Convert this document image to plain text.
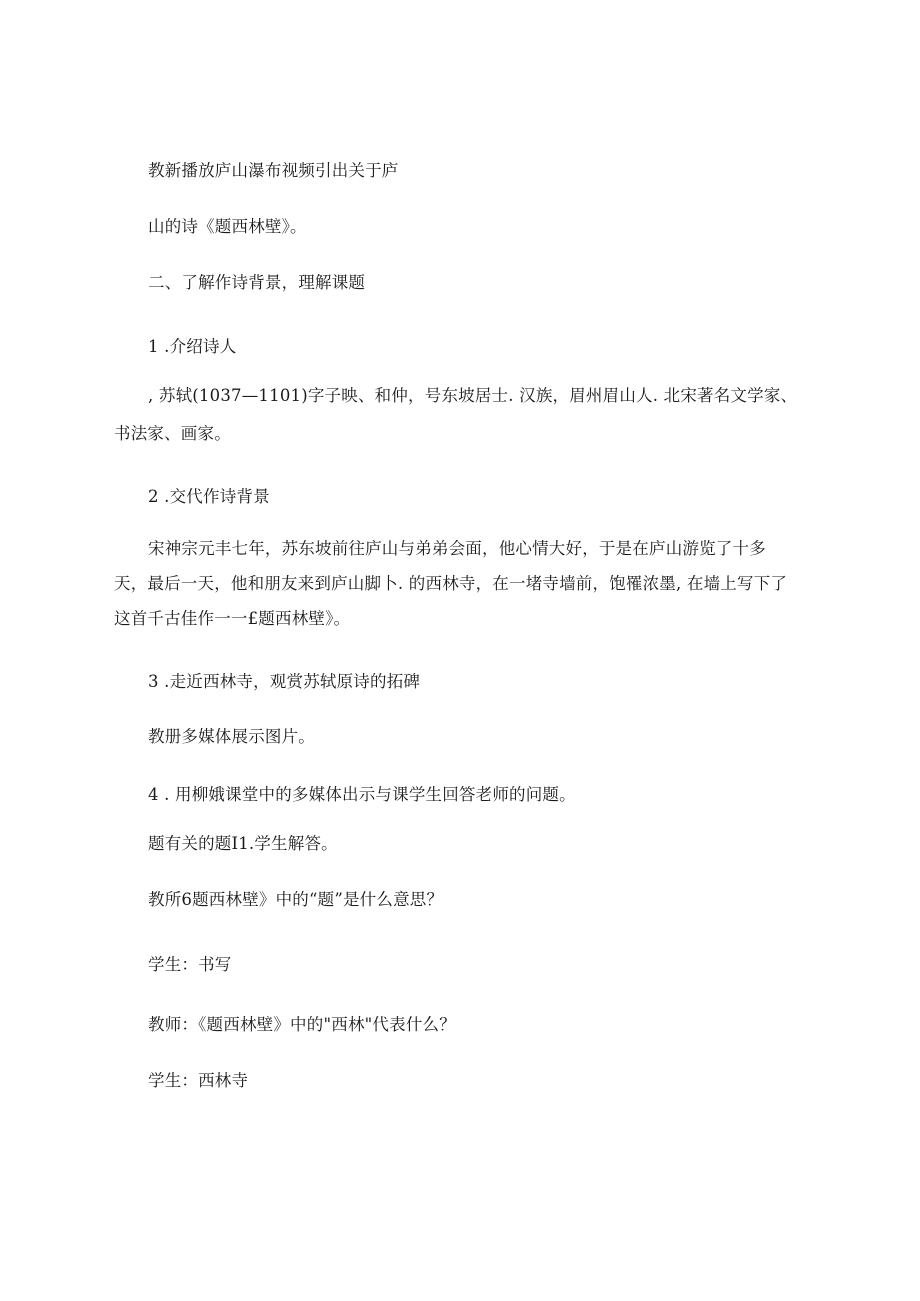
教新播放庐山瀑布视频引出关于庐
山的诗《题西林壁》。
二、了解作诗背景，理解课题
1 .介绍诗人
, 苏轼(1037—1101)字子映、和仲，号东坡居士. 汉族，眉州眉山人. 北宋著名文学家、
书法家、画家。
2 .交代作诗背景
宋神宗元丰七年，苏东坡前往庐山与弟弟会面，他心情大好，于是在庐山游览了十多
天，最后一天，他和朋友来到庐山脚卜. 的西林寺，在一堵寺墙前，饱罹浓墨, 在墙上写下了
这首千古佳作一一£题西林壁》。
3 .走近西林寺，观赏苏轼原诗的拓碑
教册多媒体展示图片。
4 . 用柳娥课堂中的多媒体出示与课学生回答老师的问题。
题有关的题I1.学生解答。
教所6题西林壁》中的“题”是什么意思？
学生：书写
教师：《题西林壁》中的"西林"代表什么？
学生：西林寺
